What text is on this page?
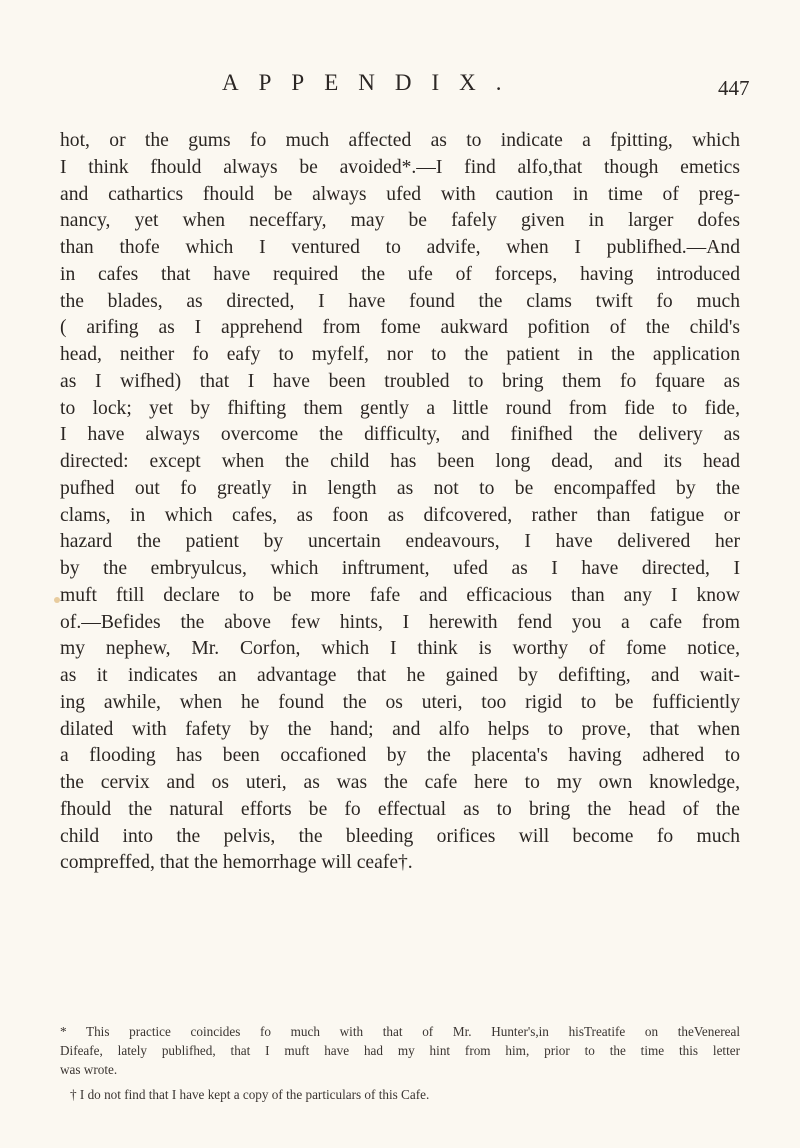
APPENDIX.	447
hot, or the gums fo much affected as to indicate a fpitting, which
I think fhould always be avoided*.—I find alfo,that though emetics
and cathartics fhould be always ufed with caution in time of preg-
nancy, yet when neceffary, may be fafely given in larger dofes
than thofe which I ventured to advife, when I publifhed.—And
in cafes that have required the ufe of forceps, having introduced
the blades, as directed, I have found the clams twift fo much
( arifing as I apprehend from fome aukward pofition of the child's
head, neither fo eafy to myfelf, nor to the patient in the application
as I wifhed) that I have been troubled to bring them fo fquare as
to lock; yet by fhifting them gently a little round from fide to fide,
I have always overcome the difficulty, and finifhed the delivery as
directed: except when the child has been long dead, and its head
pufhed out fo greatly in length as not to be encompaffed by the
clams, in which cafes, as foon as difcovered, rather than fatigue or
hazard the patient by uncertain endeavours, I have delivered her
by the embryulcus, which inftrument, ufed as I have directed, I
muft ftill declare to be more fafe and efficacious than any I know
of.—Befides the above few hints, I herewith fend you a cafe from
my nephew, Mr. Corfon, which I think is worthy of fome notice,
as it indicates an advantage that he gained by defifting, and wait-
ing awhile, when he found the os uteri, too rigid to be fufficiently
dilated with fafety by the hand; and alfo helps to prove, that when
a flooding has been occafioned by the placenta's having adhered to
the cervix and os uteri, as was the cafe here to my own knowledge,
fhould the natural efforts be fo effectual as to bring the head of the
child into the pelvis, the bleeding orifices will become fo much
compreffed, that the hemorrhage will ceafe†.
* This practice coincides fo much with that of Mr. Hunter's,in hisTreatife on theVenereal
Difeafe, lately publifhed, that I muft have had my hint from him, prior to the time this letter
was wrote.
† I do not find that I have kept a copy of the particulars of this Cafe.
